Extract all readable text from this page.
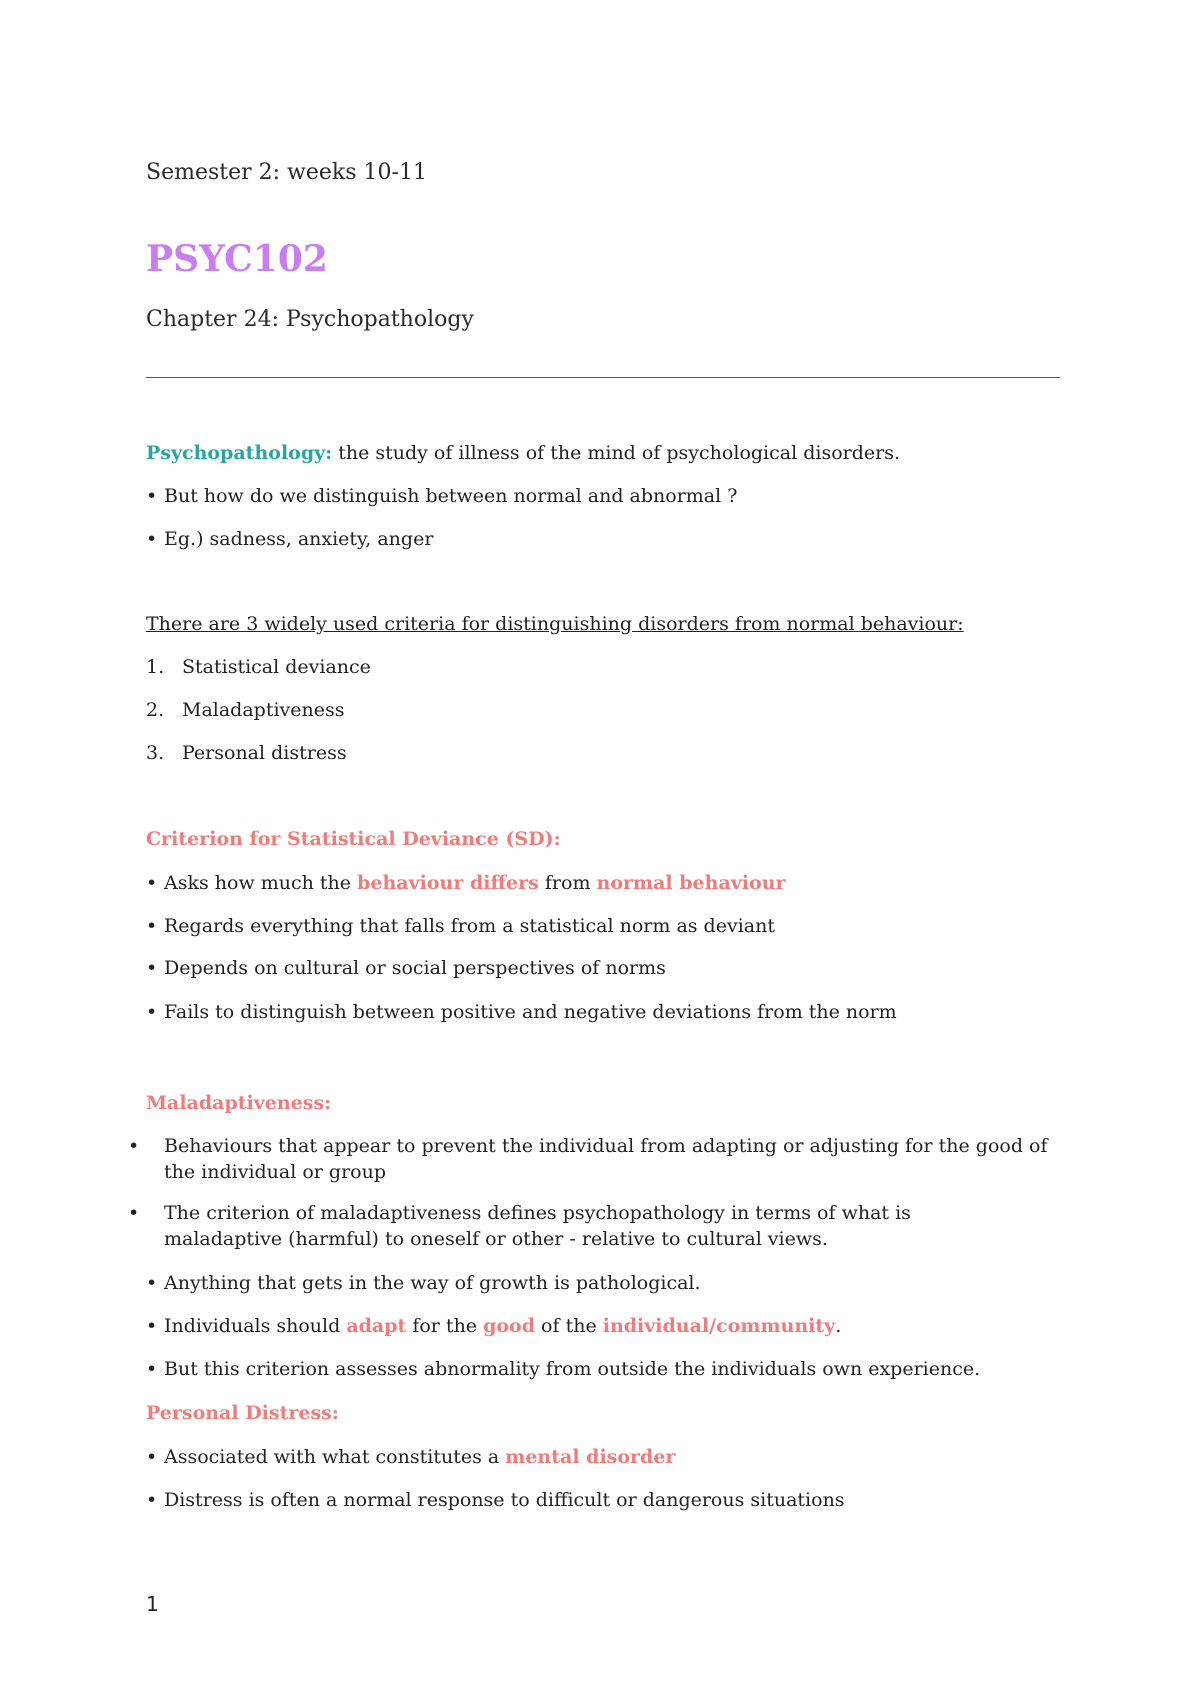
Semester 2: weeks 10-11
PSYC102
Chapter 24: Psychopathology
Psychopathology: the study of illness of the mind of psychological disorders.
• But how do we distinguish between normal and abnormal ?
• Eg.) sadness, anxiety, anger
There are 3 widely used criteria for distinguishing disorders from normal behaviour:
1. Statistical deviance
2. Maladaptiveness
3. Personal distress
Criterion for Statistical Deviance (SD):
• Asks how much the behaviour differs from normal behaviour
• Regards everything that falls from a statistical norm as deviant
• Depends on cultural or social perspectives of norms
• Fails to distinguish between positive and negative deviations from the norm
Maladaptiveness:
• Behaviours that appear to prevent the individual from adapting or adjusting for the good of the individual or group
• The criterion of maladaptiveness defines psychopathology in terms of what is maladaptive (harmful) to oneself or other - relative to cultural views.
• Anything that gets in the way of growth is pathological.
• Individuals should adapt for the good of the individual/community.
• But this criterion assesses abnormality from outside the individuals own experience.
Personal Distress:
• Associated with what constitutes a mental disorder
• Distress is often a normal response to difficult or dangerous situations
1
